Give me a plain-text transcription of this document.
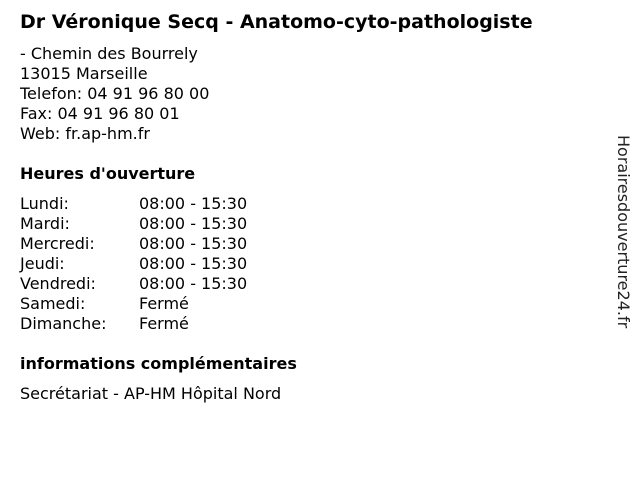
Dr Véronique Secq - Anatomo-cyto-pathologiste
- Chemin des Bourrely
13015 Marseille
Telefon: 04 91 96 80 00
Fax: 04 91 96 80 01
Web: fr.ap-hm.fr
Heures d'ouverture
Lundi:	08:00 - 15:30
Mardi:	08:00 - 15:30
Mercredi:	08:00 - 15:30
Jeudi:	08:00 - 15:30
Vendredi:	08:00 - 15:30
Samedi:	Fermé
Dimanche:	Fermé
informations complémentaires
Secrétariat - AP-HM Hôpital Nord
Horairesdouverture24.fr
